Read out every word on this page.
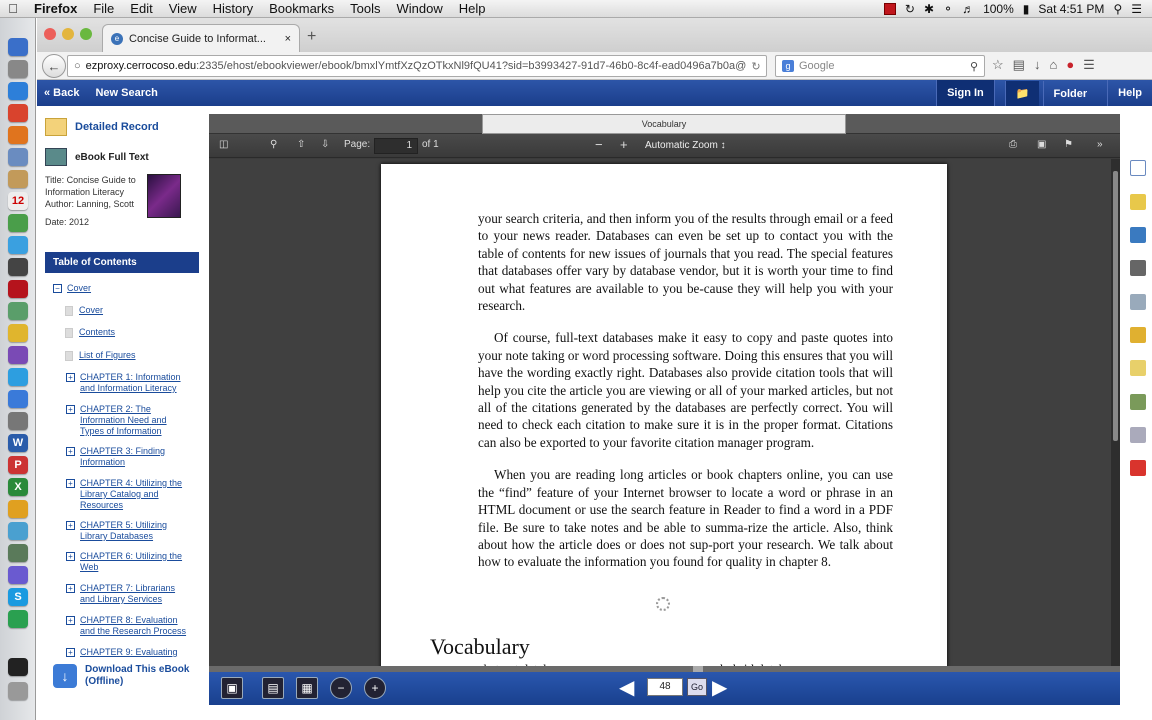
Firefox	File	Edit	View	History	Bookmarks	Tools	Window	Help	↻ ✱ ⚬ ♬ 100% ▮ Sat 4:51 PM ⚲ ☰
12
W
P
X
S
e Concise Guide to Informat...	× +
←	○ ezproxy.cerrocoso.edu:2335/ehost/ebookviewer/ebook/bmxlYmtfXzQzOTkxNl9fQU41?sid=b3993427-91d7-46b0-8c4f-ead0496a7b0a@ ↻	g Google	⚲ ☆ ▤ ↓ ⌂ ● ☰
« Back New Search	Sign In	📁 Folder	Help
Detailed Record
eBook Full Text
Title: Concise Guide to
Information Literacy
Author: Lanning, Scott
Date: 2012
Table of Contents
− Cover
Cover
Contents
List of Figures
+ CHAPTER 1: Information
and Information Literacy
+ CHAPTER 2: The
Information Need and
Types of Information
+ CHAPTER 3: Finding
Information
+ CHAPTER 4: Utilizing the
Library Catalog and
Resources
+ CHAPTER 5: Utilizing
Library Databases
+ CHAPTER 6: Utilizing the
Web
+ CHAPTER 7: Librarians
and Library Services
+ CHAPTER 8: Evaluation
and the Research Process
+ CHAPTER 9: Evaluating
↓	Download This eBook
(Offline)
Vocabulary
◫	⚲ ⇧ ⇩ Page:	1	of 1	− +	Automatic Zoom ↕	⎙ ▣ ⚑ »

your search criteria, and then inform you of the results through email or a feed to your news reader. Databases can even be set up to contact you with the table of contents for new issues of journals that you read. The special features that databases offer vary by database vendor, but it is worth your time to find out what features are available to you be-cause they will help you with your research.

Of course, full-text databases make it easy to copy and paste quotes into your note taking or word processing software. Doing this ensures that you will have the wording exactly right. Databases also provide citation tools that will help you cite the article you are viewing or all of your marked articles, but not all of the citations generated by the databases are perfectly correct. You will need to check each citation to make sure it is in the proper format. Citations can also be exported to your favorite citation manager program.

When you are reading long articles or book chapters online, you can use the “find” feature of your Internet browser to locate a word or phrase in an HTML document or use the search feature in Reader to find a word in a PDF file. Be sure to take notes and be able to summa-rize the article. Also, think about how the article does or does not sup-port your research. We talk about how to evaluate the information you found for quality in chapter 8.

Vocabulary
▣	▤	▦	−	+	◀	48	Go ▶
